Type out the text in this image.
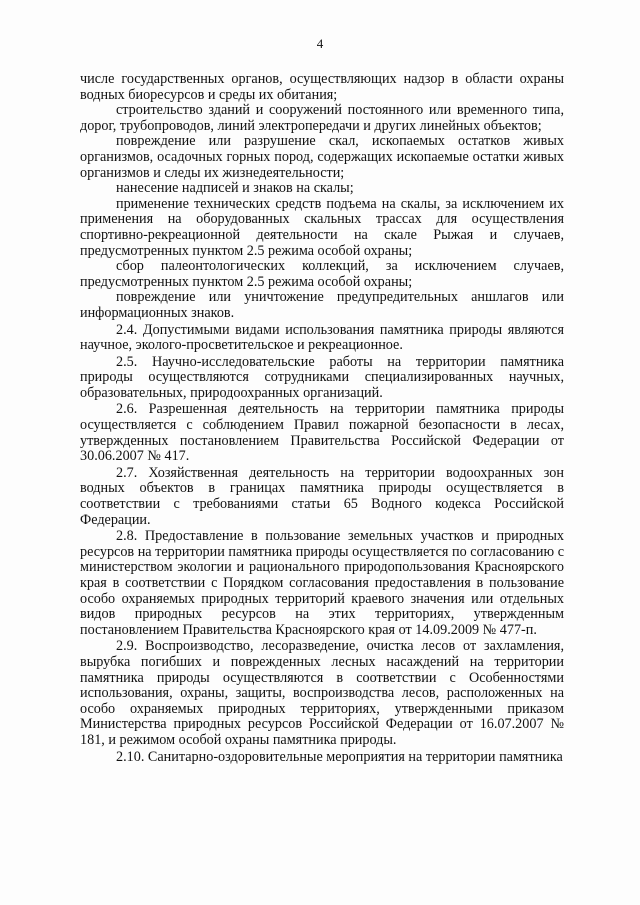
4

числе государственных органов, осуществляющих надзор в области охраны водных биоресурсов и среды их обитания;

строительство зданий и сооружений постоянного или временного типа, дорог, трубопроводов, линий электропередачи и других линейных объектов;

повреждение или разрушение скал, ископаемых остатков живых организмов, осадочных горных пород, содержащих ископаемые остатки живых организмов и следы их жизнедеятельности;

нанесение надписей и знаков на скалы;

применение технических средств подъема на скалы, за исключением их применения на оборудованных скальных трассах для осуществления спортивно-рекреационной деятельности на скале Рыжая и случаев, предусмотренных пунктом 2.5 режима особой охраны;

сбор палеонтологических коллекций, за исключением случаев, предусмотренных пунктом 2.5 режима особой охраны;

повреждение или уничтожение предупредительных аншлагов или информационных знаков.

2.4. Допустимыми видами использования памятника природы являются научное, эколого-просветительское и рекреационное.

2.5. Научно-исследовательские работы на территории памятника природы осуществляются сотрудниками специализированных научных, образовательных, природоохранных организаций.

2.6. Разрешенная деятельность на территории памятника природы осуществляется с соблюдением Правил пожарной безопасности в лесах, утвержденных постановлением Правительства Российской Федерации от 30.06.2007 № 417.

2.7. Хозяйственная деятельность на территории водоохранных зон водных объектов в границах памятника природы осуществляется в соответствии с требованиями статьи 65 Водного кодекса Российской Федерации.

2.8. Предоставление в пользование земельных участков и природных ресурсов на территории памятника природы осуществляется по согласованию с министерством экологии и рационального природопользования Красноярского края в соответствии с Порядком согласования предоставления в пользование особо охраняемых природных территорий краевого значения или отдельных видов природных ресурсов на этих территориях, утвержденным постановлением Правительства Красноярского края от 14.09.2009 № 477-п.

2.9. Воспроизводство, лесоразведение, очистка лесов от захламления, вырубка погибших и поврежденных лесных насаждений на территории памятника природы осуществляются в соответствии с Особенностями использования, охраны, защиты, воспроизводства лесов, расположенных на особо охраняемых природных территориях, утвержденными приказом Министерства природных ресурсов Российской Федерации от 16.07.2007 № 181, и режимом особой охраны памятника природы.

2.10. Санитарно-оздоровительные мероприятия на территории памятника
